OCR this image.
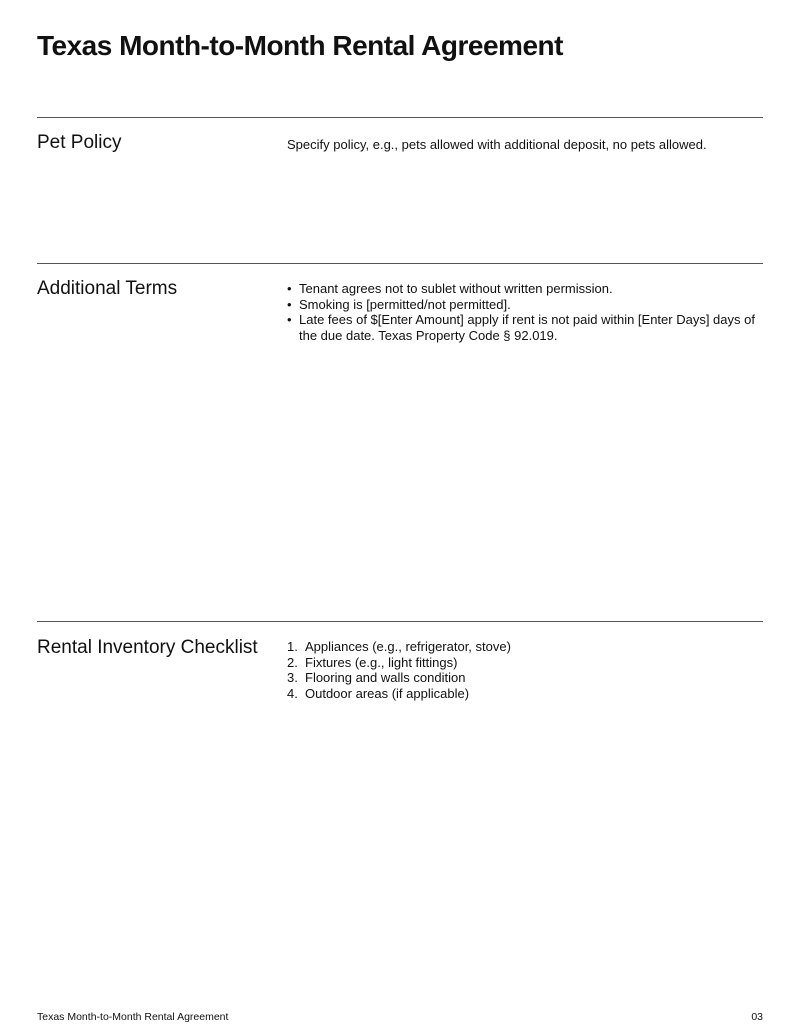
Texas Month-to-Month Rental Agreement
Pet Policy	Specify policy, e.g., pets allowed with additional deposit, no pets allowed.
Additional Terms	• Tenant agrees not to sublet without written permission.
• Smoking is [permitted/not permitted].
• Late fees of $[Enter Amount] apply if rent is not paid within [Enter Days] days of the due date. Texas Property Code § 92.019.
Rental Inventory Checklist 1. Appliances (e.g., refrigerator, stove)
2. Fixtures (e.g., light fittings)
3. Flooring and walls condition
4. Outdoor areas (if applicable)
Texas Month-to-Month Rental Agreement	03
